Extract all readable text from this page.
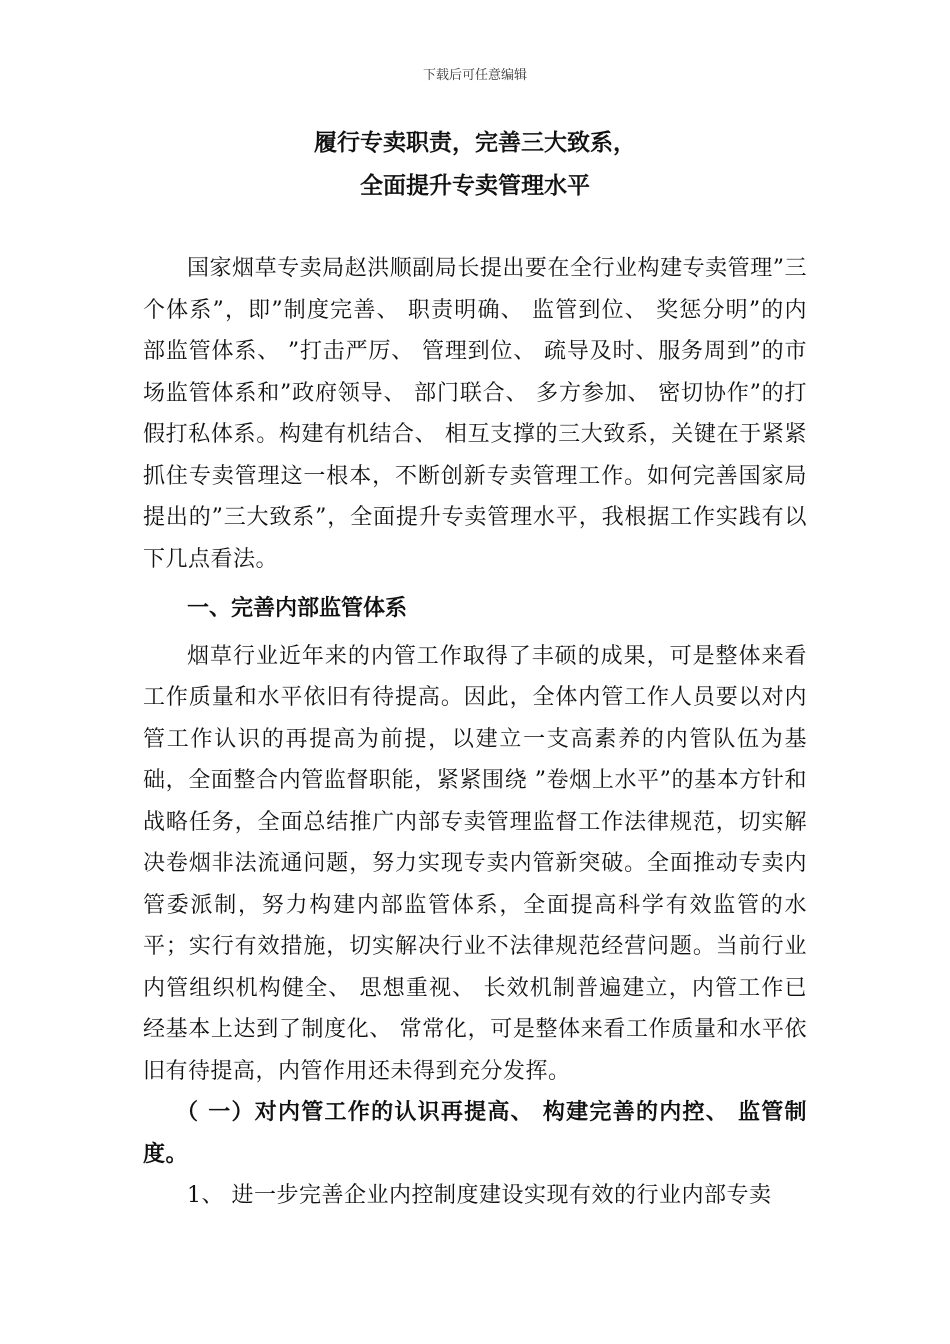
下载后可任意编辑
履行专卖职责，完善三大致系，
全面提升专卖管理水平

国家烟草专卖局赵洪顺副局长提出要在全行业构建专卖管理”三个体系”，即”制度完善、 职责明确、 监管到位、 奖惩分明”的内部监管体系、 ”打击严厉、 管理到位、 疏导及时、服务周到”的市场监管体系和”政府领导、 部门联合、 多方参加、 密切协作”的打假打私体系。构建有机结合、 相互支撑的三大致系，关键在于紧紧抓住专卖管理这一根本，不断创新专卖管理工作。如何完善国家局提出的”三大致系”，全面提升专卖管理水平，我根据工作实践有以下几点看法。

一、完善内部监管体系

烟草行业近年来的内管工作取得了丰硕的成果，可是整体来看工作质量和水平依旧有待提高。因此，全体内管工作人员要以对内管工作认识的再提高为前提，以建立一支高素养的内管队伍为基础，全面整合内管监督职能，紧紧围绕 ”卷烟上水平”的基本方针和战略任务，全面总结推广内部专卖管理监督工作法律规范，切实解决卷烟非法流通问题，努力实现专卖内管新突破。全面推动专卖内管委派制，努力构建内部监管体系，全面提高科学有效监管的水平；实行有效措施，切实解决行业不法律规范经营问题。当前行业内管组织机构健全、 思想重视、 长效机制普遍建立，内管工作已经基本上达到了制度化、 常常化，可是整体来看工作质量和水平依旧有待提高，内管作用还未得到充分发挥。

（ 一）对内管工作的认识再提高、 构建完善的内控、 监管制度。

1、 进一步完善企业内控制度建设实现有效的行业内部专卖
